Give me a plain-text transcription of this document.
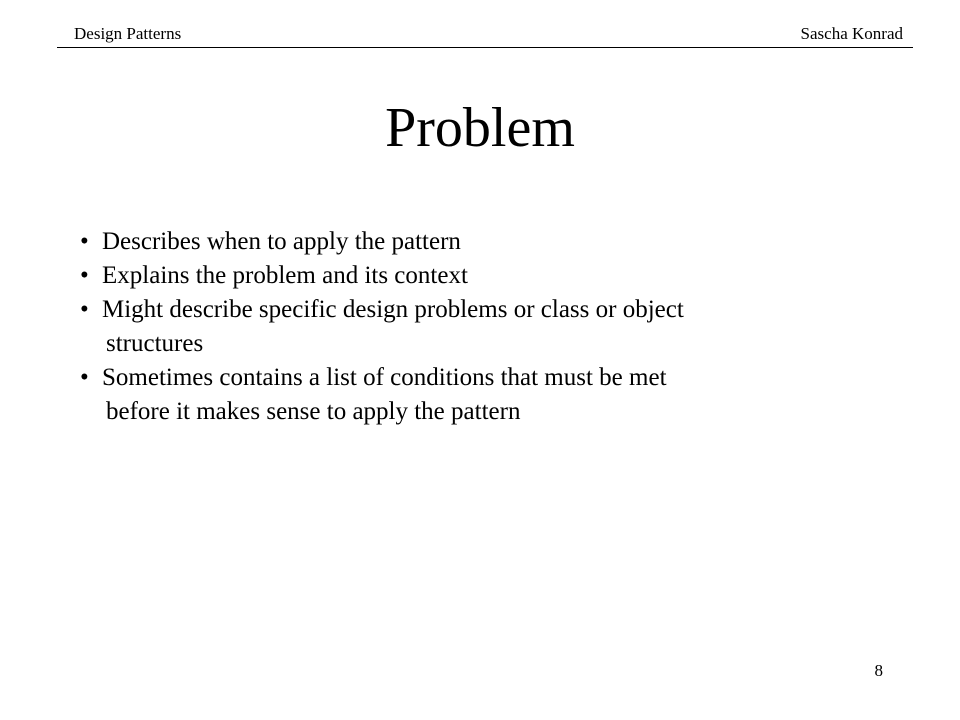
Design Patterns	Sascha Konrad
Problem
• Describes when to apply the pattern
• Explains the problem and its context
• Might describe specific design problems or class or object
structures
• Sometimes contains a list of conditions that must be met
before it makes sense to apply the pattern
8
